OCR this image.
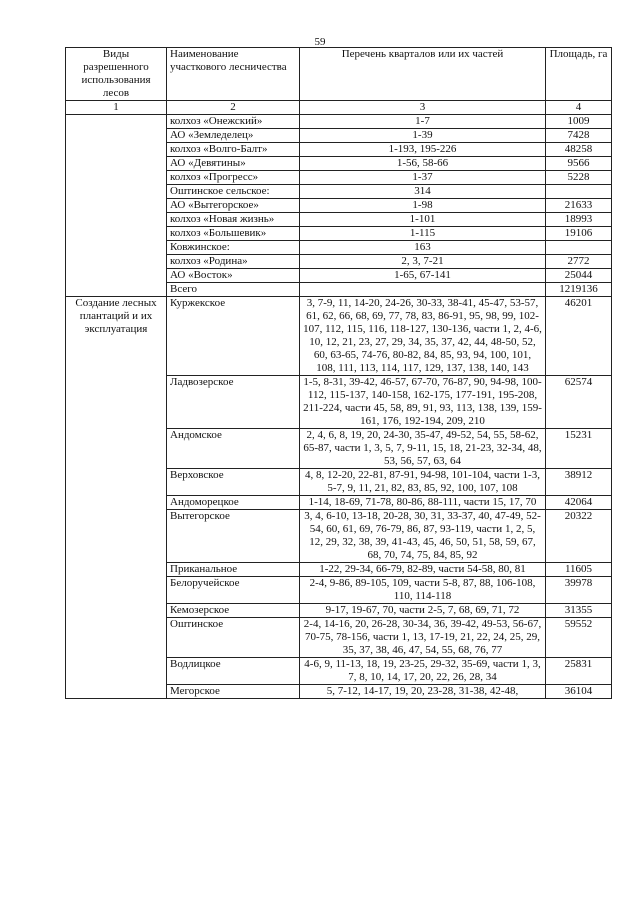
59
Виды разрешенного использования лесов	Наименование участкового лесничества	Перечень кварталов или их частей	Площадь, га
1	2	3	4
	колхоз «Онежский»	1-7	1009
	АО «Земледелец»	1-39	7428
	колхоз «Волго-Балт»	1-193, 195-226	48258
	АО «Девятины»	1-56, 58-66	9566
	колхоз «Прогресс»	1-37	5228
	Оштинское сельское:	314	
	АО «Вытегорское»	1-98	21633
	колхоз «Новая жизнь»	1-101	18993
	колхоз «Большевик»	1-115	19106
	Ковжинское:	163	
	колхоз «Родина»	2, 3, 7-21	2772
	АО «Восток»	1-65, 67-141	25044
	Всего		1219136
Создание лесных плантаций и их эксплуатация	Куржекское	3, 7-9, 11, 14-20, 24-26, 30-33, 38-41, 45-47, 53-57, 61, 62, 66, 68, 69, 77, 78, 83, 86-91, 95, 98, 99, 102-107, 112, 115, 116, 118-127, 130-136, части 1, 2, 4-6, 10, 12, 21, 23, 27, 29, 34, 35, 37, 42, 44, 48-50, 52, 60, 63-65, 74-76, 80-82, 84, 85, 93, 94, 100, 101, 108, 111, 113, 114, 117, 129, 137, 138, 140, 143	46201
	Ладвозерское	1-5, 8-31, 39-42, 46-57, 67-70, 76-87, 90, 94-98, 100-112, 115-137, 140-158, 162-175, 177-191, 195-208, 211-224, части 45, 58, 89, 91, 93, 113, 138, 139, 159-161, 176, 192-194, 209, 210	62574
	Андомское	2, 4, 6, 8, 19, 20, 24-30, 35-47, 49-52, 54, 55, 58-62, 65-87, части 1, 3, 5, 7, 9-11, 15, 18, 21-23, 32-34, 48, 53, 56, 57, 63, 64	15231
	Верховское	4, 8, 12-20, 22-81, 87-91, 94-98, 101-104, части 1-3, 5-7, 9, 11, 21, 82, 83, 85, 92, 100, 107, 108	38912
	Андоморецкое	1-14, 18-69, 71-78, 80-86, 88-111, части 15, 17, 70	42064
	Вытегорское	3, 4, 6-10, 13-18, 20-28, 30, 31, 33-37, 40, 47-49, 52-54, 60, 61, 69, 76-79, 86, 87, 93-119, части 1, 2, 5, 12, 29, 32, 38, 39, 41-43, 45, 46, 50, 51, 58, 59, 67, 68, 70, 74, 75, 84, 85, 92	20322
	Приканальное	1-22, 29-34, 66-79, 82-89, части 54-58, 80, 81	11605
	Белоручейское	2-4, 9-86, 89-105, 109, части 5-8, 87, 88, 106-108, 110, 114-118	39978
	Кемозерское	9-17, 19-67, 70, части 2-5, 7, 68, 69, 71, 72	31355
	Оштинское	2-4, 14-16, 20, 26-28, 30-34, 36, 39-42, 49-53, 56-67, 70-75, 78-156, части 1, 13, 17-19, 21, 22, 24, 25, 29, 35, 37, 38, 46, 47, 54, 55, 68, 76, 77	59552
	Водлицкое	4-6, 9, 11-13, 18, 19, 23-25, 29-32, 35-69, части 1, 3, 7, 8, 10, 14, 17, 20, 22, 26, 28, 34	25831
	Мегорское	5, 7-12, 14-17, 19, 20, 23-28, 31-38, 42-48,	36104
